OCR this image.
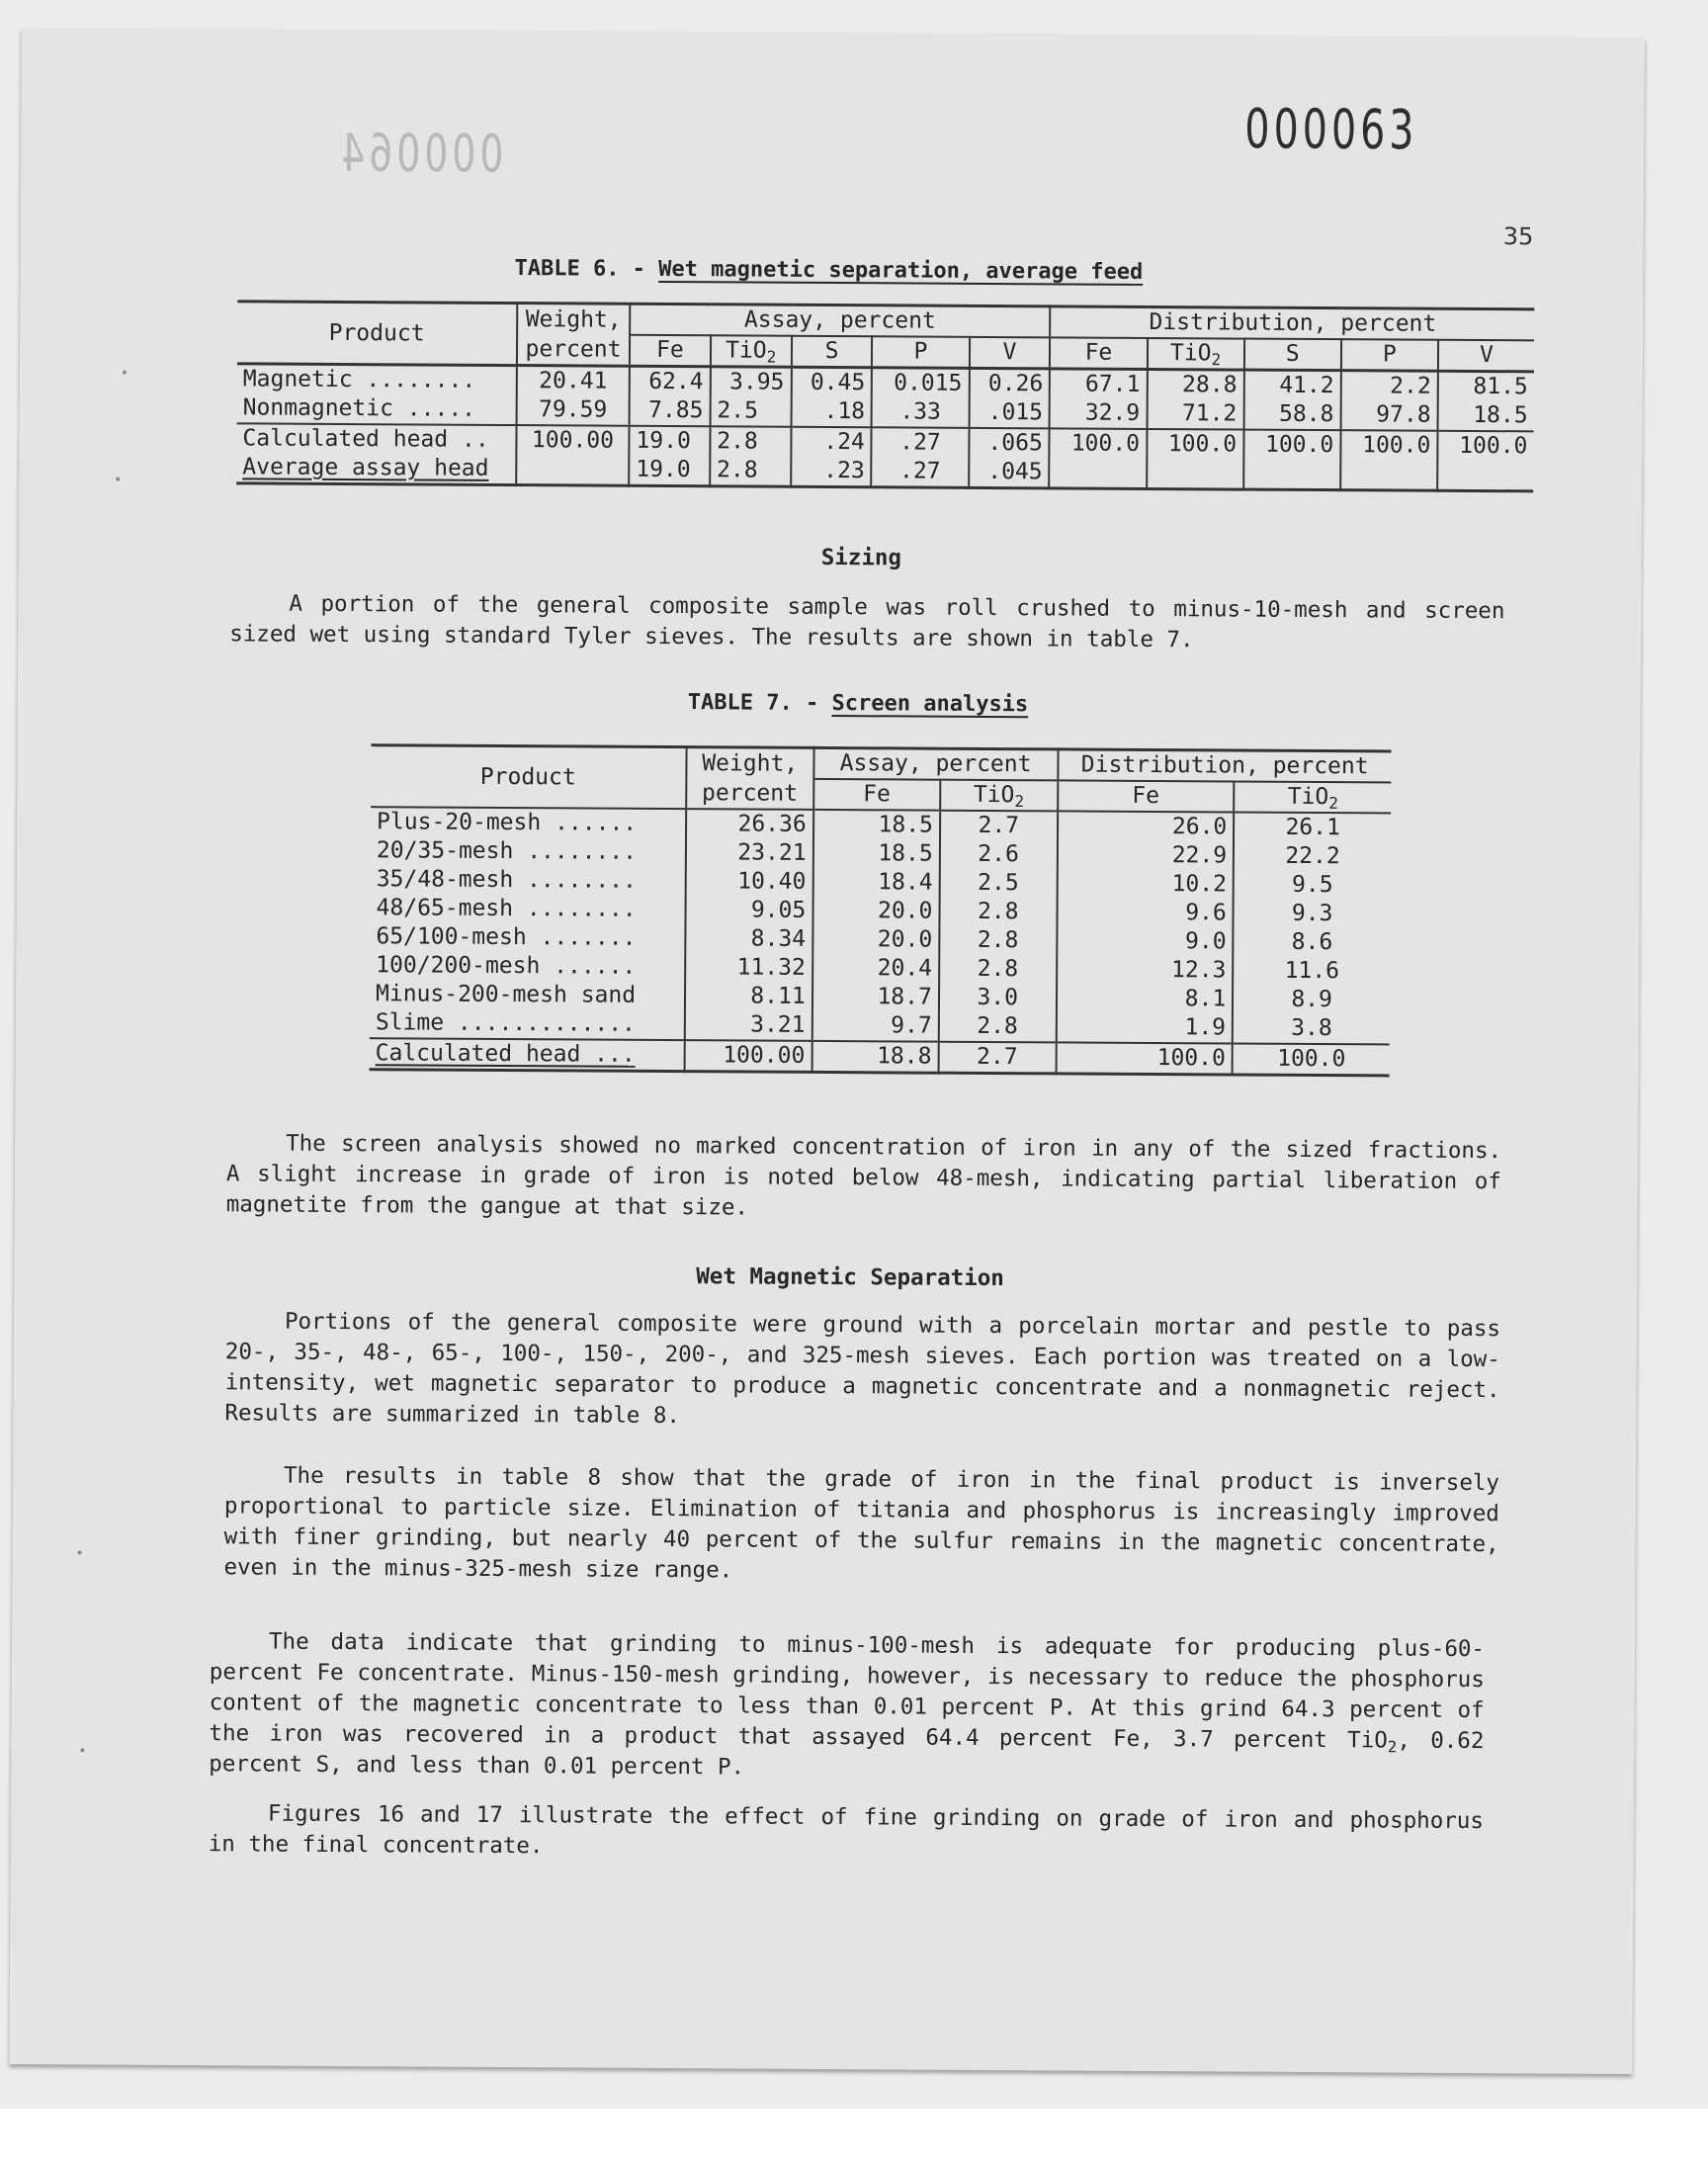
000063
000064
35
TABLE 6. - Wet magnetic separation, average feed
Product	Weight,	Assay, percent					Distribution, percent				
	percent	Fe	TiO$_2$	S	P	V	Fe	TiO$_2$	S	P	V
Magnetic ........	20.41	62.4	3.95	0.45	0.015	0.26	67.1	28.8	41.2	2.2	81.5
Nonmagnetic .....	79.59	7.85	2.5	.18	.33	.015	32.9	71.2	58.8	97.8	18.5
Calculated head ..	100.00	19.0	2.8	.24	.27	.065	100.0	100.0	100.0	100.0	100.0
Average assay head		19.0	2.8	.23	.27	.045					
Sizing

A portion of the general composite sample was roll crushed to minus-10-mesh and screen sized wet using standard Tyler sieves. The results are shown in table 7.

TABLE 7. - Screen analysis
Product	Weight,	Assay, percent		Distribution, percent	
	percent	Fe	TiO$_2$	Fe	TiO$_2$
Plus-20-mesh ......	26.36	18.5	2.7	26.0	26.1
20/35-mesh ........	23.21	18.5	2.6	22.9	22.2
35/48-mesh ........	10.40	18.4	2.5	10.2	9.5
48/65-mesh ........	9.05	20.0	2.8	9.6	9.3
65/100-mesh .......	8.34	20.0	2.8	9.0	8.6
100/200-mesh ......	11.32	20.4	2.8	12.3	11.6
Minus-200-mesh sand	8.11	18.7	3.0	8.1	8.9
Slime .............	3.21	9.7	2.8	1.9	3.8
Calculated head ...	100.00	18.8	2.7	100.0	100.0

The screen analysis showed no marked concentration of iron in any of the sized fractions. A slight increase in grade of iron is noted below 48-mesh, indicating partial liberation of magnetite from the gangue at that size.

Wet Magnetic Separation

Portions of the general composite were ground with a porcelain mortar and pestle to pass 20-, 35-, 48-, 65-, 100-, 150-, 200-, and 325-mesh sieves. Each portion was treated on a low-intensity, wet magnetic separator to produce a magnetic concentrate and a nonmagnetic reject. Results are summarized in table 8.

The results in table 8 show that the grade of iron in the final product is inversely proportional to particle size. Elimination of titania and phosphorus is increasingly improved with finer grinding, but nearly 40 percent of the sulfur remains in the magnetic concentrate, even in the minus-325-mesh size range.

The data indicate that grinding to minus-100-mesh is adequate for producing plus-60-percent Fe concentrate. Minus-150-mesh grinding, however, is necessary to reduce the phosphorus content of the magnetic concentrate to less than 0.01 percent P. At this grind 64.3 percent of the iron was recovered in a product that assayed 64.4 percent Fe, 3.7 percent TiO$_2$, 0.62 percent S, and less than 0.01 percent P.

Figures 16 and 17 illustrate the effect of fine grinding on grade of iron and phosphorus in the final concentrate.
